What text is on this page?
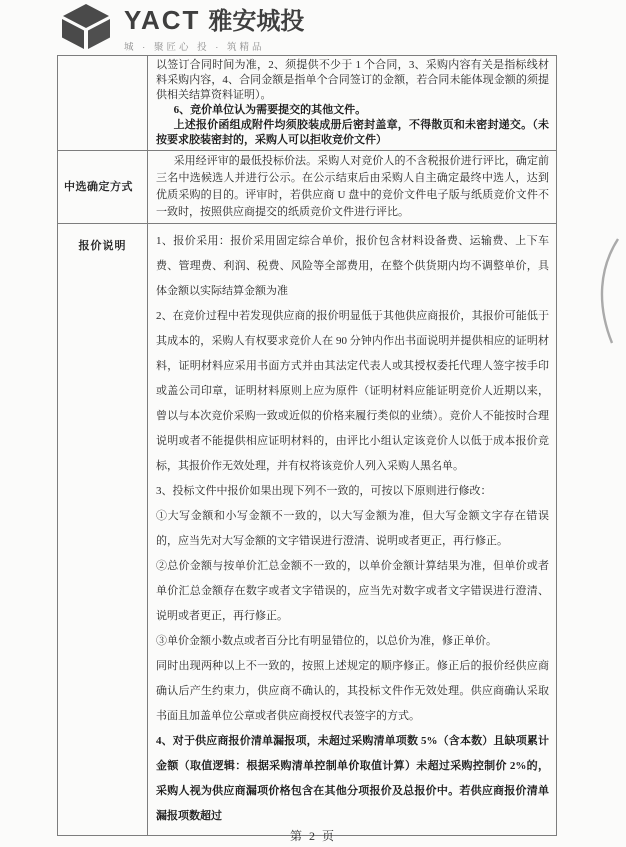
YACT 雅安城投
城 · 聚匠心 投 · 筑精品

	以签订合同时间为准，2、须提供不少于 1 个合同，3、采购内容有关是指标线材料采购内容，4、合同金额是指单个合同签订的金额，若合同未能体现金额的须提供相关结算资料证明）。

6、竞价单位认为需要提交的其他文件。

上述报价函组成附件均须胶装成册后密封盖章，不得散页和未密封递交。（未按要求胶装密封的，采购人可以拒收竞价文件）

中选确定方式	采用经评审的最低投标价法。采购人对竞价人的不含税报价进行评比，确定前三名中选候选人并进行公示。在公示结束后由采购人自主确定最终中选人，达到优质采购的目的。评审时，若供应商 U 盘中的竞价文件电子版与纸质竞价文件不一致时，按照供应商提交的纸质竞价文件进行评比。

报价说明	1、报价采用：报价采用固定综合单价，报价包含材料设备费、运输费、上下车费、管理费、利润、税费、风险等全部费用，在整个供货期内均不调整单价，具体金额以实际结算金额为准

2、在竞价过程中若发现供应商的报价明显低于其他供应商报价，其报价可能低于其成本的，采购人有权要求竞价人在 90 分钟内作出书面说明并提供相应的证明材料，证明材料应采用书面方式并由其法定代表人或其授权委托代理人签字按手印或盖公司印章，证明材料原则上应为原件（证明材料应能证明竞价人近期以来，曾以与本次竞价采购一致或近似的价格来履行类似的业绩）。竞价人不能按时合理说明或者不能提供相应证明材料的，由评比小组认定该竞价人以低于成本报价竞标，其报价作无效处理，并有权将该竞价人列入采购人黑名单。

3、投标文件中报价如果出现下列不一致的，可按以下原则进行修改：

①大写金额和小写金额不一致的，以大写金额为准，但大写金额文字存在错误的，应当先对大写金额的文字错误进行澄清、说明或者更正，再行修正。

②总价金额与按单价汇总金额不一致的，以单价金额计算结果为准，但单价或者单价汇总金额存在数字或者文字错误的，应当先对数字或者文字错误进行澄清、说明或者更正，再行修正。

③单价金额小数点或者百分比有明显错位的，以总价为准，修正单价。

同时出现两种以上不一致的，按照上述规定的顺序修正。修正后的报价经供应商确认后产生约束力，供应商不确认的，其投标文件作无效处理。供应商确认采取书面且加盖单位公章或者供应商授权代表签字的方式。

4、对于供应商报价清单漏报项，未超过采购清单项数 5%（含本数）且缺项累计金额（取值逻辑：根据采购清单控制单价取值计算）未超过采购控制价 2%的，采购人视为供应商漏项价格包含在其他分项报价及总报价中。若供应商报价清单漏报项数超过

第 2 页
